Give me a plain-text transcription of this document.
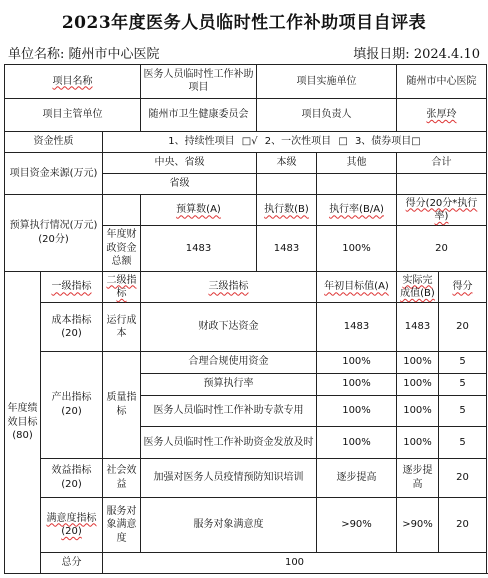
2023年度医务人员临时性工作补助项目自评表
单位名称: 随州市中心医院	填报日期: 2024.4.10
项目名称			医务人员临时性工作补助项目	项目实施单位		随州市中心医院	
项目主管单位			随州市卫生健康委员会	项目负责人		张厚玲	
资金性质		1、持续性项目 □√ 2、一次性项目 □ 3、债券项目□					
项目资金来源(万元)		中央、省级		本级	其他	合计	
		省级					
预算执行情况(万元)(20分)			预算数(A)	执行数(B)	执行率(B/A)	得分(20分*执行率)	
		年度财政资金总额	1483	1483	100%	20	
年度绩效目标(80)	一级指标	二级指标	三级指标		年初目标值(A)	实际完成值(B)	得分
	成本指标(20)	运行成本	财政下达资金		1483	1483	20
	产出指标(20)	质量指标	合理合规使用资金		100%	100%	5
			预算执行率		100%	100%	5
			医务人员临时性工作补助专款专用		100%	100%	5
			医务人员临时性工作补助资金发放及时		100%	100%	5
	效益指标(20)	社会效益	加强对医务人员疫情预防知识培训		逐步提高	逐步提高	20
	满意度指标(20)	服务对象满意度	服务对象满意度		>90%	>90%	20
	总分	100					
